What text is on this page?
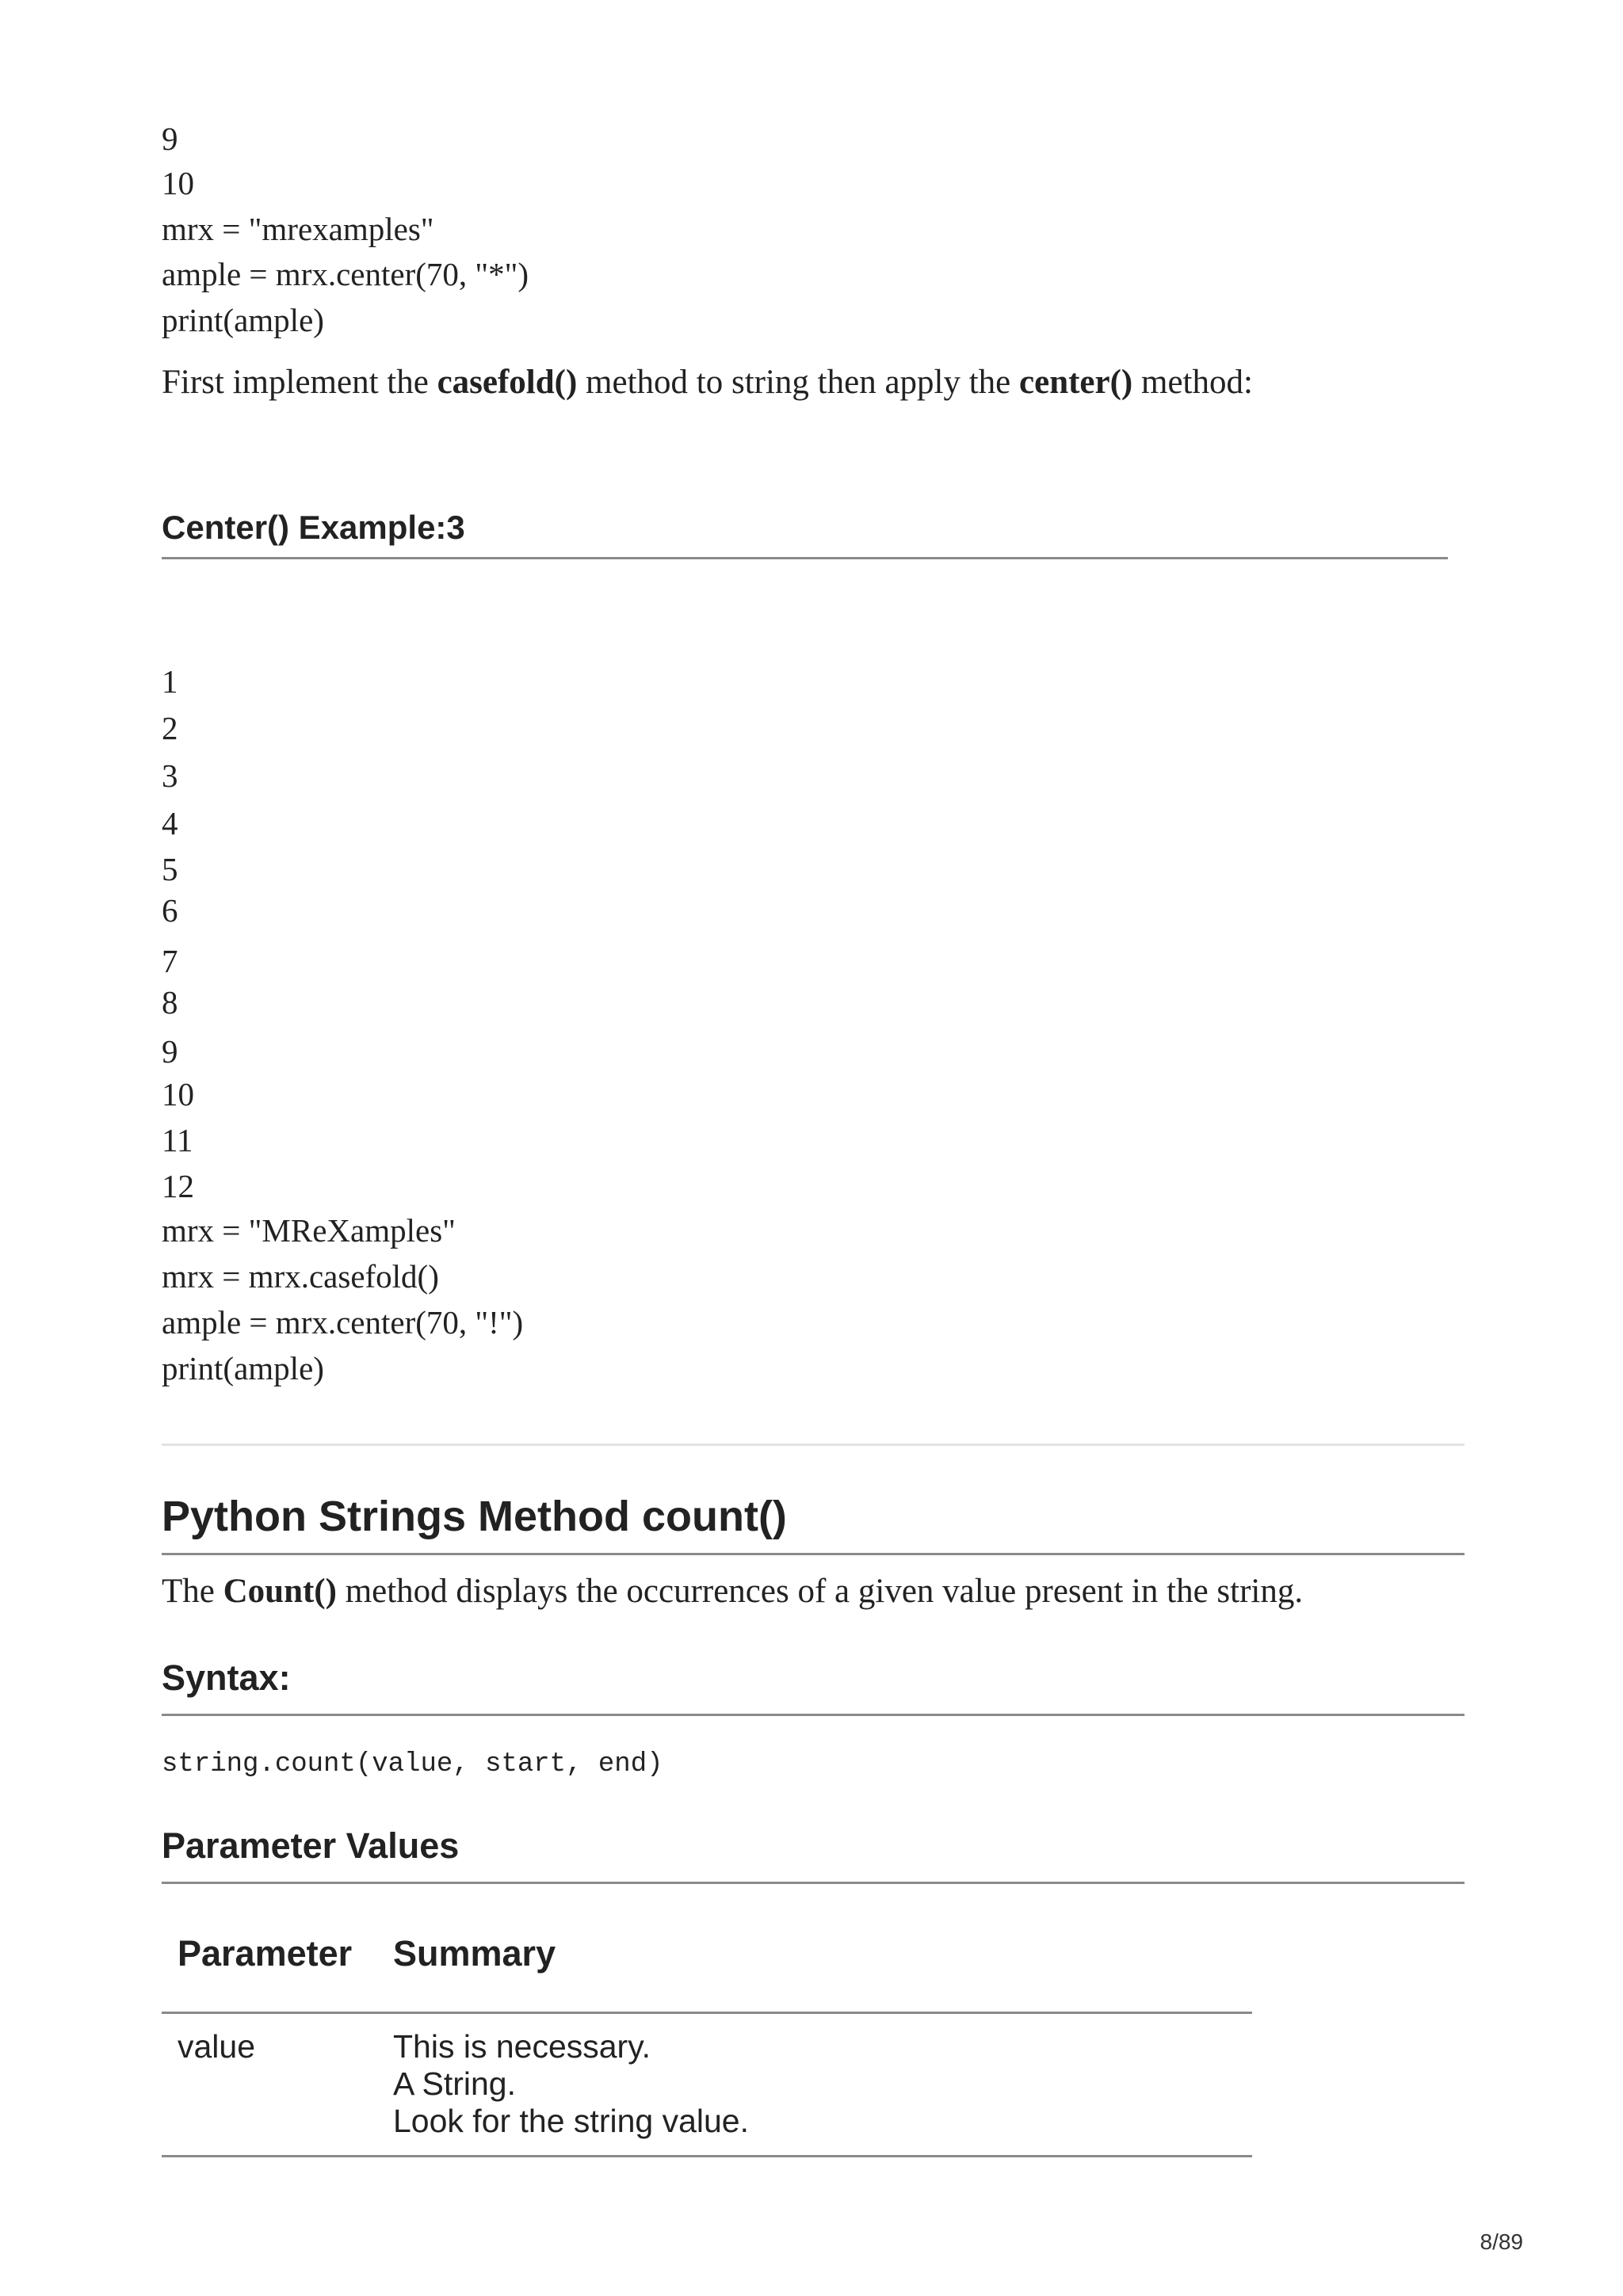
9
10
mrx = "mrexamples"
ample = mrx.center(70, "*")
print(ample)
First implement the casefold() method to string then apply the center() method:
Center() Example:3
1
2
3
4
5
6
7
8
9
10
11
12
mrx = "MReXamples"
mrx = mrx.casefold()
ample = mrx.center(70, "!")
print(ample)
Python Strings Method count()
The Count() method displays the occurrences of a given value present in the string.
Syntax:
string.count(value, start, end)
Parameter Values
Parameter Summary
value	This is necessary.
A String.
Look for the string value.
8/89
